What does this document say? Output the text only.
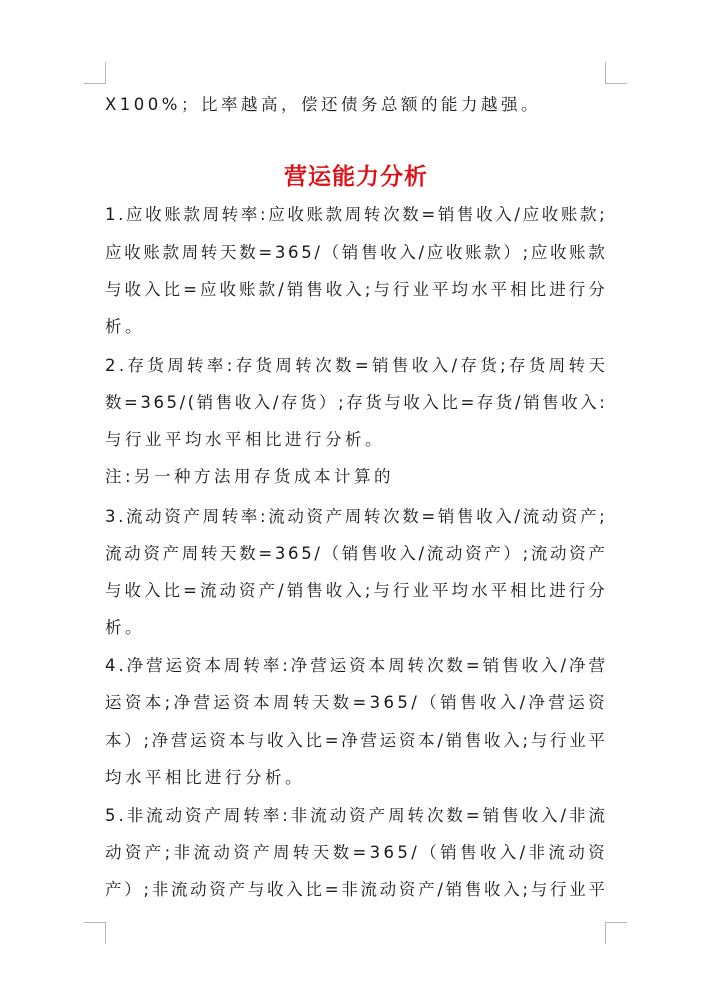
X100%；比率越高，偿还债务总额的能力越强。
营运能力分析
1 . 应 收 账 款 周 转 率 : 应 收 账 款 周 转 次 数 = 销 售 收 入 / 应 收 账 款 ;
应 收 账 款 周 转 天 数 = 3 6 5 / （ 销 售 收 入 / 应 收 账 款 ） ; 应 收 账 款
与 收 入 比 = 应 收 账 款 / 销 售 收 入 ; 与 行 业 平 均 水 平 相 比 进 行 分
析。
2 . 存 货 周 转 率 : 存 货 周 转 次 数 = 销 售 收 入 / 存 货 ; 存 货 周 转 天
数 = 3 6 5 / ( 销 售 收 入 / 存 货 ） ; 存 货 与 收 入 比 = 存 货 / 销 售 收 入 :
与行业平均水平相比进行分析。
注:另一种方法用存货成本计算的
3 . 流 动 资 产 周 转 率 : 流 动 资 产 周 转 次 数 = 销 售 收 入 / 流 动 资 产 ;
流 动 资 产 周 转 天 数 = 3 6 5 / （ 销 售 收 入 / 流 动 资 产 ） ; 流 动 资 产
与 收 入 比 = 流 动 资 产 / 销 售 收 入 ; 与 行 业 平 均 水 平 相 比 进 行 分
析。
4 . 净 营 运 资 本 周 转 率 : 净 营 运 资 本 周 转 次 数 = 销 售 收 入 / 净 营
运 资 本 ; 净 营 运 资 本 周 转 天 数 = 3 6 5 / （ 销 售 收 入 / 净 营 运 资
本 ） ; 净 营 运 资 本 与 收 入 比 = 净 营 运 资 本 / 销 售 收 入 ; 与 行 业 平
均水平相比进行分析。
5 . 非 流 动 资 产 周 转 率 : 非 流 动 资 产 周 转 次 数 = 销 售 收 入 / 非 流
动 资 产 ; 非 流 动 资 产 周 转 天 数 = 3 6 5 / （ 销 售 收 入 / 非 流 动 资
产 ） ; 非 流 动 资 产 与 收 入 比 = 非 流 动 资 产 / 销 售 收 入 ; 与 行 业 平
